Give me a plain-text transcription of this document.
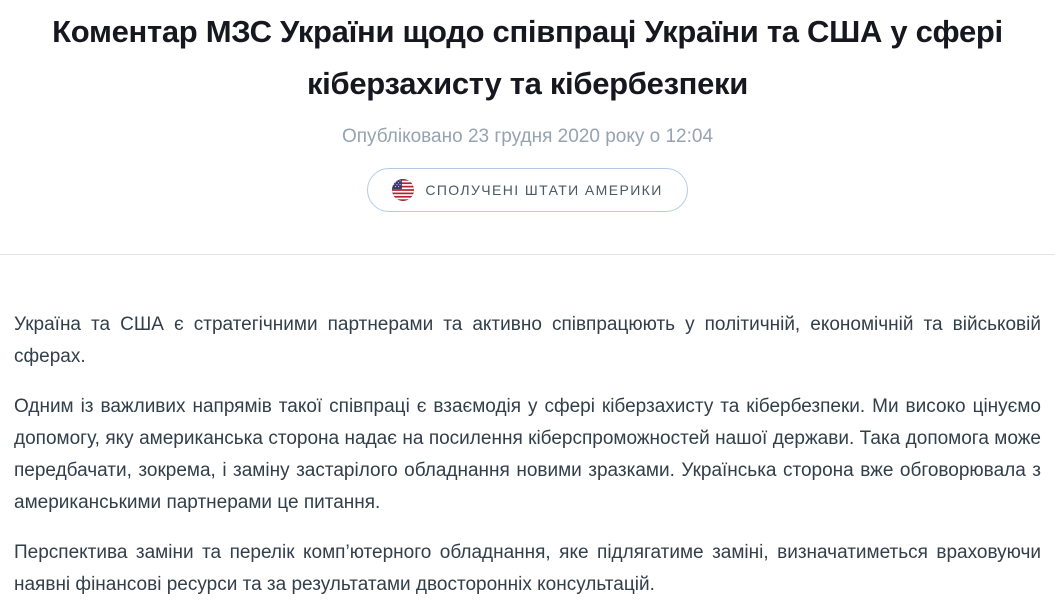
Коментар МЗС України щодо співпраці України та США у сфері кіберзахисту та кібербезпеки
Опубліковано 23 грудня 2020 року о 12:04
СПОЛУЧЕНІ ШТАТИ АМЕРИКИ

Україна та США є стратегічними партнерами та активно співпрацюють у політичній, економічній та військовій сферах.

Одним із важливих напрямів такої співпраці є взаємодія у сфері кіберзахисту та кібербезпеки. Ми високо цінуємо допомогу, яку американська сторона надає на посилення кіберспроможностей нашої держави. Така допомога може передбачати, зокрема, і заміну застарілого обладнання новими зразками. Українська сторона вже обговорювала з американськими партнерами це питання.

Перспектива заміни та перелік комп’ютерного обладнання, яке підлягатиме заміні, визначатиметься враховуючи наявні фінансові ресурси та за результатами двосторонніх консультацій.
